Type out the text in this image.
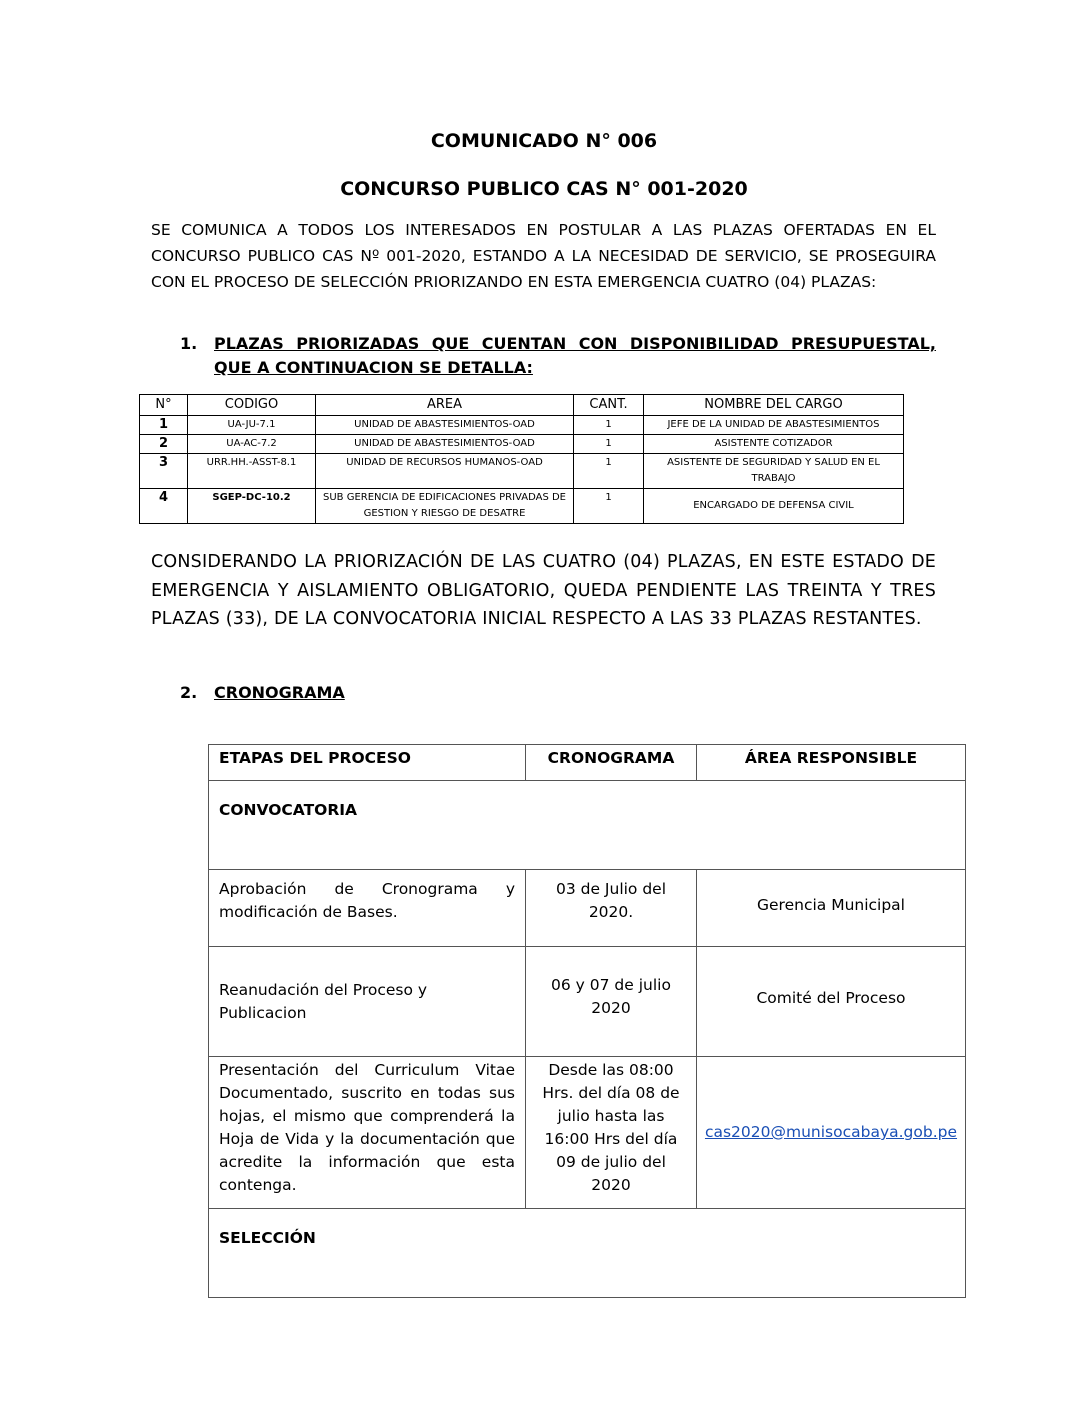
COMUNICADO N° 006
CONCURSO PUBLICO CAS N° 001-2020
SE COMUNICA A TODOS LOS INTERESADOS EN POSTULAR A LAS PLAZAS OFERTADAS EN EL CONCURSO PUBLICO CAS Nº 001-2020, ESTANDO A LA NECESIDAD DE SERVICIO, SE PROSEGUIRA CON EL PROCESO DE SELECCIÓN PRIORIZANDO EN ESTA EMERGENCIA CUATRO (04) PLAZAS:
1. PLAZAS PRIORIZADAS QUE CUENTAN CON DISPONIBILIDAD PRESUPUESTAL,
QUE A CONTINUACION SE DETALLA:
N°	CODIGO	AREA	CANT.	NOMBRE DEL CARGO
1	UA-JU-7.1	UNIDAD DE ABASTESIMIENTOS-OAD	1	JEFE DE LA UNIDAD DE ABASTESIMIENTOS
2	UA-AC-7.2	UNIDAD DE ABASTESIMIENTOS-OAD	1	ASISTENTE COTIZADOR
3	URR.HH.-ASST-8.1	UNIDAD DE RECURSOS HUMANOS-OAD	1	ASISTENTE DE SEGURIDAD Y SALUD EN EL TRABAJO
4	SGEP-DC-10.2	SUB GERENCIA DE EDIFICACIONES PRIVADAS DE GESTION Y RIESGO DE DESATRE	1	ENCARGADO DE DEFENSA CIVIL
CONSIDERANDO LA PRIORIZACIÓN DE LAS CUATRO (04) PLAZAS, EN ESTE ESTADO DE EMERGENCIA Y AISLAMIENTO OBLIGATORIO, QUEDA PENDIENTE LAS TREINTA Y TRES PLAZAS (33), DE LA CONVOCATORIA INICIAL RESPECTO A LAS 33 PLAZAS RESTANTES.
2. CRONOGRAMA
ETAPAS DEL PROCESO	CRONOGRAMA	ÁREA RESPONSIBLE
CONVOCATORIA		
Aprobación de Cronograma y modificación de Bases.	03 de Julio del 2020.	Gerencia Municipal
Reanudación del Proceso y Publicacion	06 y 07 de julio 2020	Comité del Proceso
Presentación del Curriculum Vitae Documentado, suscrito en todas sus hojas, el mismo que comprenderá la Hoja de Vida y la documentación que acredite la información que esta contenga.	Desde las 08:00 Hrs. del día 08 de julio hasta las 16:00 Hrs del día 09 de julio del 2020	cas2020@munisocabaya.gob.pe
SELECCIÓN		
